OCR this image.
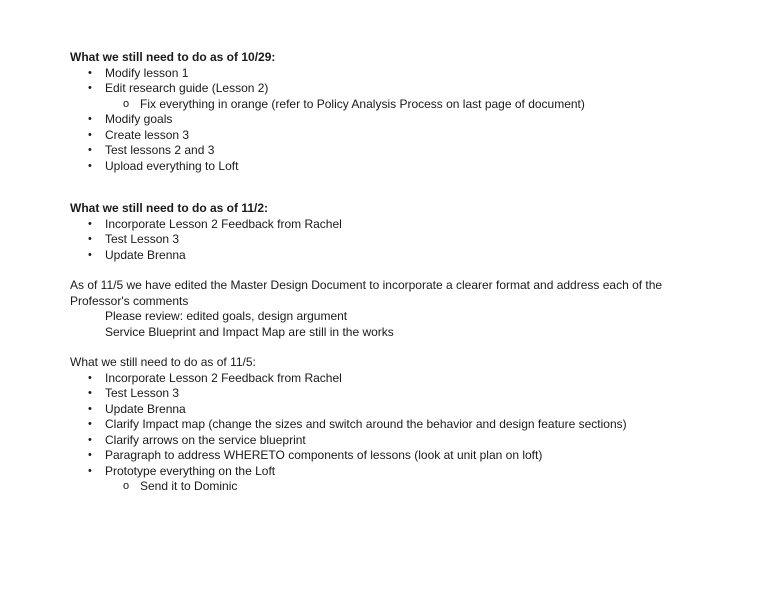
What we still need to do as of 10/29:

• Modify lesson 1
• Edit research guide (Lesson 2)
o Fix everything in orange (refer to Policy Analysis Process on last page of document)
• Modify goals
• Create lesson 3
• Test lessons 2 and 3
• Upload everything to Loft

What we still need to do as of 11/2:

• Incorporate Lesson 2 Feedback from Rachel
• Test Lesson 3
• Update Brenna

As of 11/5 we have edited the Master Design Document to incorporate a clearer format and address each of the
Professor's comments

Please review: edited goals, design argument

Service Blueprint and Impact Map are still in the works

What we still need to do as of 11/5:

• Incorporate Lesson 2 Feedback from Rachel
• Test Lesson 3
• Update Brenna
• Clarify Impact map (change the sizes and switch around the behavior and design feature sections)
• Clarify arrows on the service blueprint
• Paragraph to address WHERETO components of lessons (look at unit plan on loft)
• Prototype everything on the Loft
o Send it to Dominic
